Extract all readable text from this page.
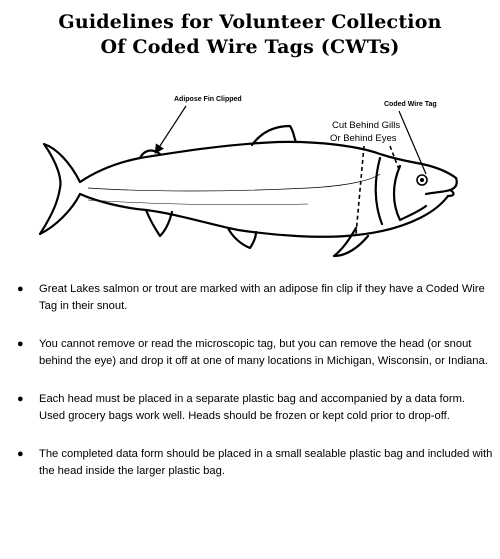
Guidelines for Volunteer Collection
Of Coded Wire Tags (CWTs)
Adipose Fin Clipped
Coded Wire Tag
Cut Behind Gills
Or Behind Eyes
● Great Lakes salmon or trout are marked with an adipose fin clip if they have a Coded Wire Tag in their snout.
● You cannot remove or read the microscopic tag, but you can remove the head (or snout behind the eye) and drop it off at one of many locations in Michigan, Wisconsin, or Indiana.
● Each head must be placed in a separate plastic bag and accompanied by a data form. Used grocery bags work well. Heads should be frozen or kept cold prior to drop-off.
● The completed data form should be placed in a small sealable plastic bag and included with the head inside the larger plastic bag.
